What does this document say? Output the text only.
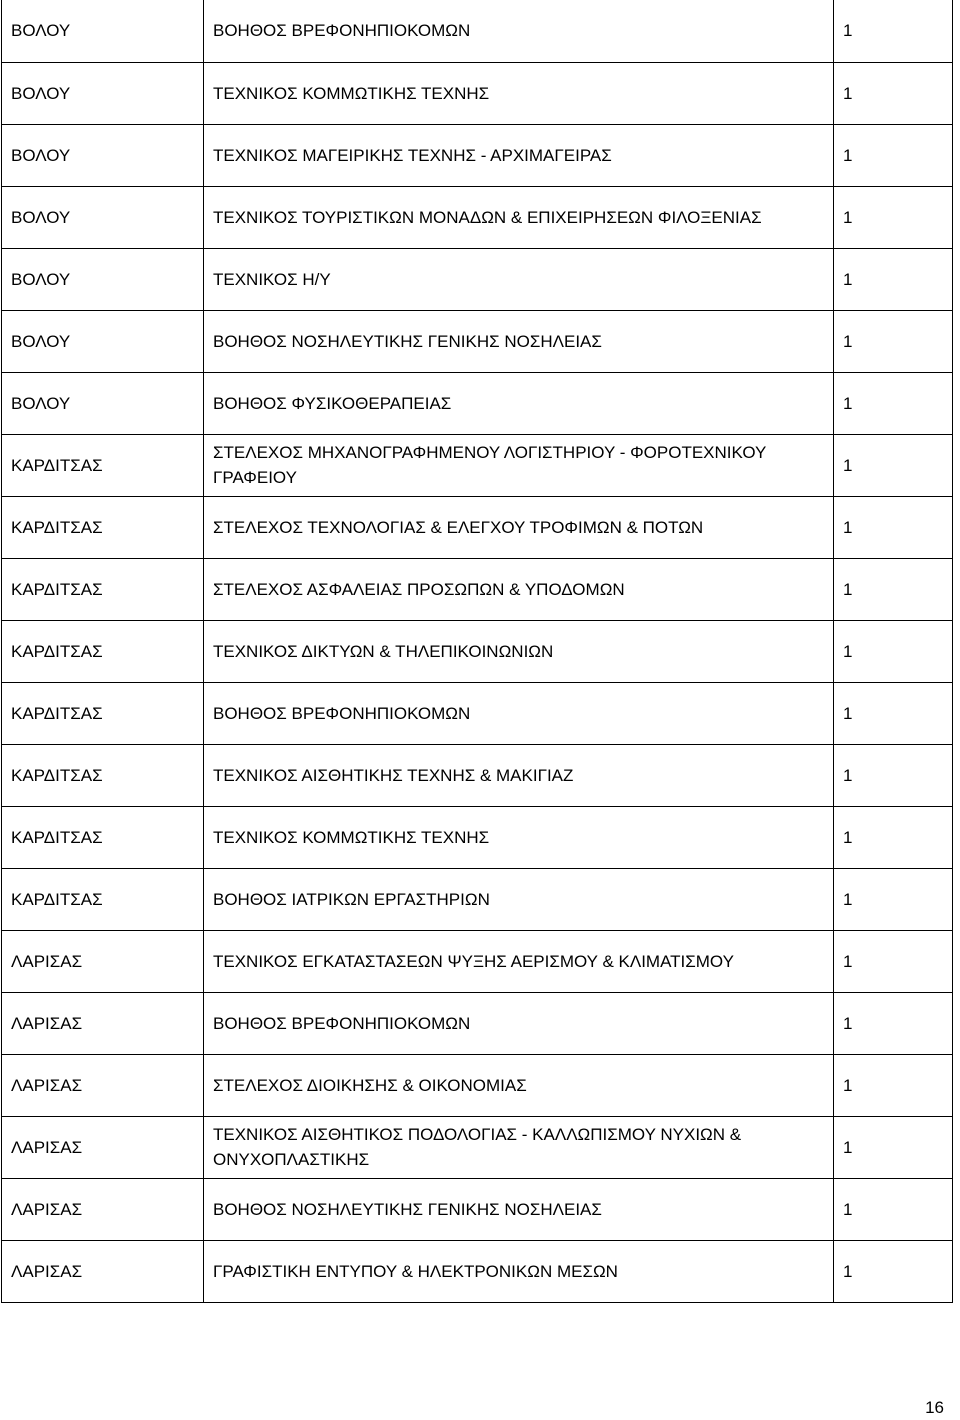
ΒΟΛΟΥ	ΒΟΗΘΟΣ ΒΡΕΦΟΝΗΠΙΟΚΟΜΩΝ	1
ΒΟΛΟΥ	ΤΕΧΝΙΚΟΣ ΚΟΜΜΩΤΙΚΗΣ ΤΕΧΝΗΣ	1
ΒΟΛΟΥ	ΤΕΧΝΙΚΟΣ ΜΑΓΕΙΡΙΚΗΣ ΤΕΧΝΗΣ - ΑΡΧΙΜΑΓΕΙΡΑΣ	1
ΒΟΛΟΥ	ΤΕΧΝΙΚΟΣ ΤΟΥΡΙΣΤΙΚΩΝ ΜΟΝΑΔΩΝ & ΕΠΙΧΕΙΡΗΣΕΩΝ ΦΙΛΟΞΕΝΙΑΣ	1
ΒΟΛΟΥ	ΤΕΧΝΙΚΟΣ Η/Υ	1
ΒΟΛΟΥ	ΒΟΗΘΟΣ ΝΟΣΗΛΕΥΤΙΚΗΣ ΓΕΝΙΚΗΣ ΝΟΣΗΛΕΙΑΣ	1
ΒΟΛΟΥ	ΒΟΗΘΟΣ ΦΥΣΙΚΟΘΕΡΑΠΕΙΑΣ	1
ΚΑΡΔΙΤΣΑΣ	ΣΤΕΛΕΧΟΣ ΜΗΧΑΝΟΓΡΑΦΗΜΕΝΟΥ ΛΟΓΙΣΤΗΡΙΟΥ - ΦΟΡΟΤΕΧΝΙΚΟΥ ΓΡΑΦΕΙΟΥ	1
ΚΑΡΔΙΤΣΑΣ	ΣΤΕΛΕΧΟΣ ΤΕΧΝΟΛΟΓΙΑΣ & ΕΛΕΓΧΟΥ ΤΡΟΦΙΜΩΝ & ΠΟΤΩΝ	1
ΚΑΡΔΙΤΣΑΣ	ΣΤΕΛΕΧΟΣ ΑΣΦΑΛΕΙΑΣ ΠΡΟΣΩΠΩΝ & ΥΠΟΔΟΜΩΝ	1
ΚΑΡΔΙΤΣΑΣ	ΤΕΧΝΙΚΟΣ ΔΙΚΤΥΩΝ & ΤΗΛΕΠΙΚΟΙΝΩΝΙΩΝ	1
ΚΑΡΔΙΤΣΑΣ	ΒΟΗΘΟΣ ΒΡΕΦΟΝΗΠΙΟΚΟΜΩΝ	1
ΚΑΡΔΙΤΣΑΣ	ΤΕΧΝΙΚΟΣ ΑΙΣΘΗΤΙΚΗΣ ΤΕΧΝΗΣ & ΜΑΚΙΓΙΑΖ	1
ΚΑΡΔΙΤΣΑΣ	ΤΕΧΝΙΚΟΣ ΚΟΜΜΩΤΙΚΗΣ ΤΕΧΝΗΣ	1
ΚΑΡΔΙΤΣΑΣ	ΒΟΗΘΟΣ ΙΑΤΡΙΚΩΝ ΕΡΓΑΣΤΗΡΙΩΝ	1
ΛΑΡΙΣΑΣ	ΤΕΧΝΙΚΟΣ ΕΓΚΑΤΑΣΤΑΣΕΩΝ ΨΥΞΗΣ ΑΕΡΙΣΜΟΥ & ΚΛΙΜΑΤΙΣΜΟΥ	1
ΛΑΡΙΣΑΣ	ΒΟΗΘΟΣ ΒΡΕΦΟΝΗΠΙΟΚΟΜΩΝ	1
ΛΑΡΙΣΑΣ	ΣΤΕΛΕΧΟΣ ΔΙΟΙΚΗΣΗΣ & ΟΙΚΟΝΟΜΙΑΣ	1
ΛΑΡΙΣΑΣ	ΤΕΧΝΙΚΟΣ ΑΙΣΘΗΤΙΚΟΣ ΠΟΔΟΛΟΓΙΑΣ - ΚΑΛΛΩΠΙΣΜΟΥ ΝΥΧΙΩΝ & ΟΝΥΧΟΠΛΑΣΤΙΚΗΣ	1
ΛΑΡΙΣΑΣ	ΒΟΗΘΟΣ ΝΟΣΗΛΕΥΤΙΚΗΣ ΓΕΝΙΚΗΣ ΝΟΣΗΛΕΙΑΣ	1
ΛΑΡΙΣΑΣ	ΓΡΑΦΙΣΤΙΚΗ ΕΝΤΥΠΟΥ & ΗΛΕΚΤΡΟΝΙΚΩΝ ΜΕΣΩΝ	1
16
